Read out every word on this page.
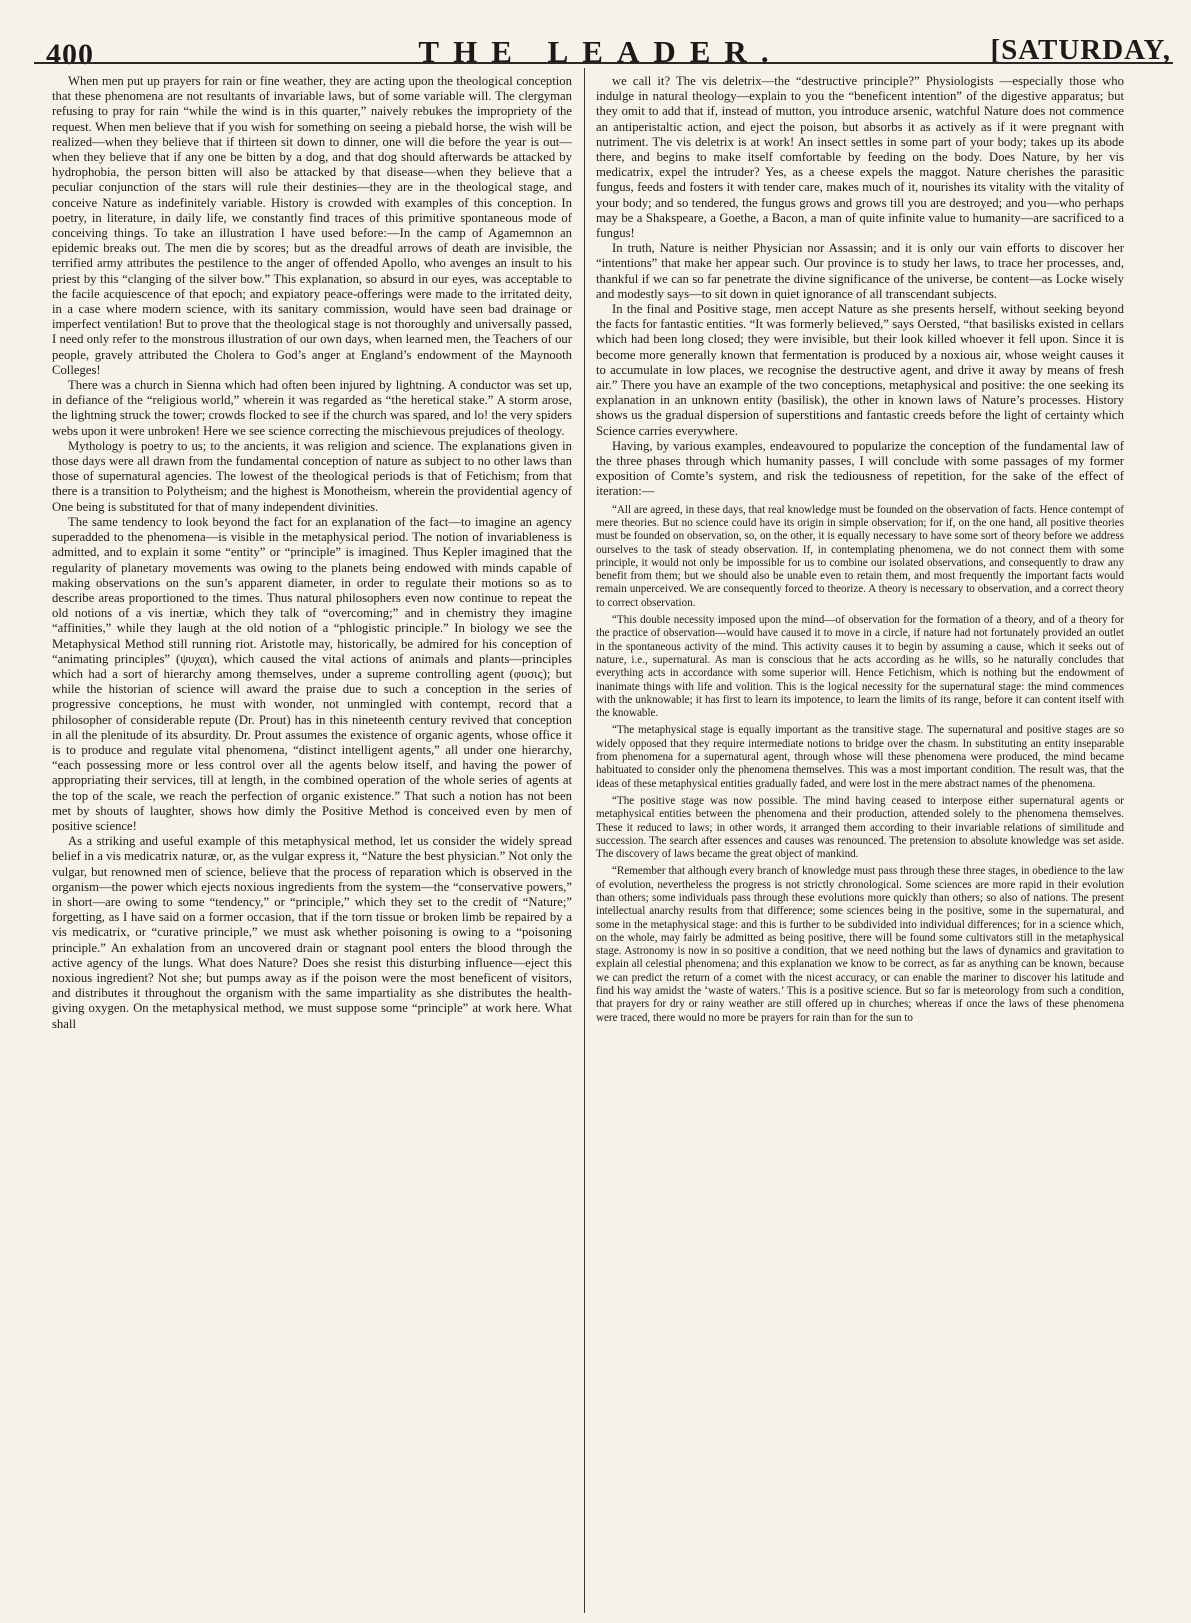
400	THE LEADER.	[SATURDAY,

When men put up prayers for rain or fine weather, they are acting upon the theological conception that these phenomena are not resultants of invariable laws, but of some variable will. The clergyman refusing to pray for rain “while the wind is in this quarter,” naively rebukes the impropriety of the request. When men believe that if you wish for something on seeing a piebald horse, the wish will be realized—when they believe that if thirteen sit down to dinner, one will die before the year is out—when they believe that if any one be bitten by a dog, and that dog should afterwards be attacked by hydrophobia, the person bitten will also be attacked by that disease—when they believe that a peculiar conjunction of the stars will rule their destinies—they are in the theological stage, and conceive Nature as indefinitely variable. History is crowded with examples of this conception. In poetry, in literature, in daily life, we constantly find traces of this primitive spontaneous mode of conceiving things. To take an illustration I have used before:—In the camp of Agamemnon an epidemic breaks out. The men die by scores; but as the dreadful arrows of death are invisible, the terrified army attributes the pestilence to the anger of offended Apollo, who avenges an insult to his priest by this “clanging of the silver bow.” This explanation, so absurd in our eyes, was acceptable to the facile acquiescence of that epoch; and expiatory peace-offerings were made to the irritated deity, in a case where modern science, with its sanitary commission, would have seen bad drainage or imperfect ventilation! But to prove that the theological stage is not thoroughly and universally passed, I need only refer to the monstrous illustration of our own days, when learned men, the Teachers of our people, gravely attributed the Cholera to God’s anger at England’s endowment of the Maynooth Colleges!

There was a church in Sienna which had often been injured by lightning. A conductor was set up, in defiance of the “religious world,” wherein it was regarded as “the heretical stake.” A storm arose, the lightning struck the tower; crowds flocked to see if the church was spared, and lo! the very spiders webs upon it were unbroken! Here we see science correcting the mischievous prejudices of theology.

Mythology is poetry to us; to the ancients, it was religion and science. The explanations given in those days were all drawn from the fundamental conception of nature as subject to no other laws than those of supernatural agencies. The lowest of the theological periods is that of Fetichism; from that there is a transition to Polytheism; and the highest is Monotheism, wherein the providential agency of One being is substituted for that of many independent divinities.

The same tendency to look beyond the fact for an explanation of the fact—to imagine an agency superadded to the phenomena—is visible in the metaphysical period. The notion of invariableness is admitted, and to explain it some “entity” or “principle” is imagined. Thus Kepler imagined that the regularity of planetary movements was owing to the planets being endowed with minds capable of making observations on the sun’s apparent diameter, in order to regulate their motions so as to describe areas proportioned to the times. Thus natural philosophers even now continue to repeat the old notions of a vis inertiæ, which they talk of “overcoming;” and in chemistry they imagine “affinities,” while they laugh at the old notion of a “phlogistic principle.” In biology we see the Metaphysical Method still running riot. Aristotle may, historically, be admired for his conception of “animating principles” (ψυχαι), which caused the vital actions of animals and plants—principles which had a sort of hierarchy among themselves, under a supreme controlling agent (φυσις); but while the historian of science will award the praise due to such a conception in the series of progressive conceptions, he must with wonder, not unmingled with contempt, record that a philosopher of considerable repute (Dr. Prout) has in this nineteenth century revived that conception in all the plenitude of its absurdity. Dr. Prout assumes the existence of organic agents, whose office it is to produce and regulate vital phenomena, “distinct intelligent agents,” all under one hierarchy, “each possessing more or less control over all the agents below itself, and having the power of appropriating their services, till at length, in the combined operation of the whole series of agents at the top of the scale, we reach the perfection of organic existence.” That such a notion has not been met by shouts of laughter, shows how dimly the Positive Method is conceived even by men of positive science!

As a striking and useful example of this metaphysical method, let us consider the widely spread belief in a vis medicatrix naturæ, or, as the vulgar express it, “Nature the best physician.” Not only the vulgar, but renowned men of science, believe that the process of reparation which is observed in the organism—the power which ejects noxious ingredients from the system—the “conservative powers,” in short—are owing to some “tendency,” or “principle,” which they set to the credit of “Nature;” forgetting, as I have said on a former occasion, that if the torn tissue or broken limb be repaired by a vis medicatrix, or “curative principle,” we must ask whether poisoning is owing to a “poisoning principle.” An exhalation from an uncovered drain or stagnant pool enters the blood through the active agency of the lungs. What does Nature? Does she resist this disturbing influence—eject this noxious ingredient? Not she; but pumps away as if the poison were the most beneficent of visitors, and distributes it throughout the organism with the same impartiality as she distributes the health-giving oxygen. On the metaphysical method, we must suppose some “principle” at work here. What shall

we call it? The vis deletrix—the “destructive principle?” Physiologists —especially those who indulge in natural theology—explain to you the “beneficent intention” of the digestive apparatus; but they omit to add that if, instead of mutton, you introduce arsenic, watchful Nature does not commence an antiperistaltic action, and eject the poison, but absorbs it as actively as if it were pregnant with nutriment. The vis deletrix is at work! An insect settles in some part of your body; takes up its abode there, and begins to make itself comfortable by feeding on the body. Does Nature, by her vis medicatrix, expel the intruder? Yes, as a cheese expels the maggot. Nature cherishes the parasitic fungus, feeds and fosters it with tender care, makes much of it, nourishes its vitality with the vitality of your body; and so tendered, the fungus grows and grows till you are destroyed; and you—who perhaps may be a Shakspeare, a Goethe, a Bacon, a man of quite infinite value to humanity—are sacrificed to a fungus!

In truth, Nature is neither Physician nor Assassin; and it is only our vain efforts to discover her “intentions” that make her appear such. Our province is to study her laws, to trace her processes, and, thankful if we can so far penetrate the divine significance of the universe, be content—as Locke wisely and modestly says—to sit down in quiet ignorance of all transcendant subjects.

In the final and Positive stage, men accept Nature as she presents herself, without seeking beyond the facts for fantastic entities. “It was formerly believed,” says Oersted, “that basilisks existed in cellars which had been long closed; they were invisible, but their look killed whoever it fell upon. Since it is become more generally known that fermentation is produced by a noxious air, whose weight causes it to accumulate in low places, we recognise the destructive agent, and drive it away by means of fresh air.” There you have an example of the two conceptions, metaphysical and positive: the one seeking its explanation in an unknown entity (basilisk), the other in known laws of Nature’s processes. History shows us the gradual dispersion of superstitions and fantastic creeds before the light of certainty which Science carries everywhere.

Having, by various examples, endeavoured to popularize the conception of the fundamental law of the three phases through which humanity passes, I will conclude with some passages of my former exposition of Comte’s system, and risk the tediousness of repetition, for the sake of the effect of iteration:—

“All are agreed, in these days, that real knowledge must be founded on the observation of facts. Hence contempt of mere theories. But no science could have its origin in simple observation; for if, on the one hand, all positive theories must be founded on observation, so, on the other, it is equally necessary to have some sort of theory before we address ourselves to the task of steady observation. If, in contemplating phenomena, we do not connect them with some principle, it would not only be impossible for us to combine our isolated observations, and consequently to draw any benefit from them; but we should also be unable even to retain them, and most frequently the important facts would remain unperceived. We are consequently forced to theorize. A theory is necessary to observation, and a correct theory to correct observation.

“This double necessity imposed upon the mind—of observation for the formation of a theory, and of a theory for the practice of observation—would have caused it to move in a circle, if nature had not fortunately provided an outlet in the spontaneous activity of the mind. This activity causes it to begin by assuming a cause, which it seeks out of nature, i.e., supernatural. As man is conscious that he acts according as he wills, so he naturally concludes that everything acts in accordance with some superior will. Hence Fetichism, which is nothing but the endowment of inanimate things with life and volition. This is the logical necessity for the supernatural stage: the mind commences with the unknowable; it has first to learn its impotence, to learn the limits of its range, before it can content itself with the knowable.

“The metaphysical stage is equally important as the transitive stage. The supernatural and positive stages are so widely opposed that they require intermediate notions to bridge over the chasm. In substituting an entity inseparable from phenomena for a supernatural agent, through whose will these phenomena were produced, the mind became habituated to consider only the phenomena themselves. This was a most important condition. The result was, that the ideas of these metaphysical entities gradually faded, and were lost in the mere abstract names of the phenomena.

“The positive stage was now possible. The mind having ceased to interpose either supernatural agents or metaphysical entities between the phenomena and their production, attended solely to the phenomena themselves. These it reduced to laws; in other words, it arranged them according to their invariable relations of similitude and succession. The search after essences and causes was renounced. The pretension to absolute knowledge was set aside. The discovery of laws became the great object of mankind.

“Remember that although every branch of knowledge must pass through these three stages, in obedience to the law of evolution, nevertheless the progress is not strictly chronological. Some sciences are more rapid in their evolution than others; some individuals pass through these evolutions more quickly than others; so also of nations. The present intellectual anarchy results from that difference; some sciences being in the positive, some in the supernatural, and some in the metaphysical stage: and this is further to be subdivided into individual differences; for in a science which, on the whole, may fairly be admitted as being positive, there will be found some cultivators still in the metaphysical stage. Astronomy is now in so positive a condition, that we need nothing but the laws of dynamics and gravitation to explain all celestial phenomena; and this explanation we know to be correct, as far as anything can be known, because we can predict the return of a comet with the nicest accuracy, or can enable the mariner to discover his latitude and find his way amidst the ‘waste of waters.’ This is a positive science. But so far is meteorology from such a condition, that prayers for dry or rainy weather are still offered up in churches; whereas if once the laws of these phenomena were traced, there would no more be prayers for rain than for the sun to
